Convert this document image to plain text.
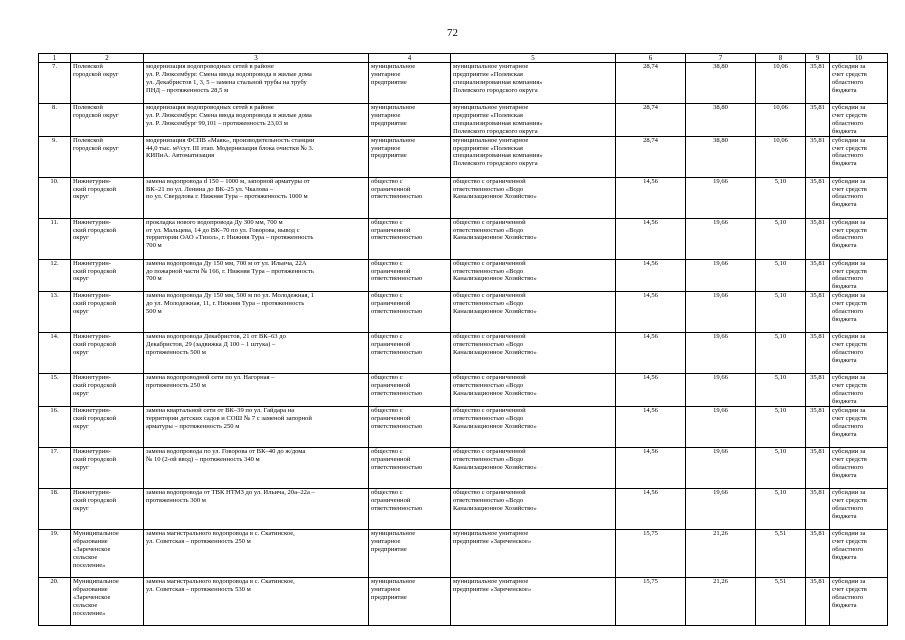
72
1	2	3	4	5	6	7	8	9	10
7.	Полевской
городской округ	модернизация водопроводных сетей в районе
ул. Р. Люксембург. Смена ввода водопровода в жилые дома
ул. Декабристов 1, 3, 5 – замена стальной трубы на трубу
ПНД – протяженность 28,5 м	муниципальное
унитарное
предприятие	муниципальное унитарное
предприятие «Полевская
специализированная компания»
Полевского городского округа	28,74	38,80	10,06	35,81	субсидии за
счет средств
областного
бюджета
8.	Полевской
городской округ	модернизация водопроводных сетей в районе
ул. Р. Люксембург. Смена ввода водопровода в жилые дома
ул. Р. Люксембург 99,101 – протяженность 23,03 м	муниципальное
унитарное
предприятие	муниципальное унитарное
предприятие «Полевская
специализированная компания»
Полевского городского округа	28,74	38,80	10,06	35,81	субсидии за
счет средств
областного
бюджета
9.	Полевской
городской округ	модернизация ФСПВ «Маяк», производительность станции
44,0 тыс. м³/сут. III этап. Модернизация блока очистки № 3.
КИПиА. Автоматизация	муниципальное
унитарное
предприятие	муниципальное унитарное
предприятие «Полевская
специализированная компания»
Полевского городского округа	28,74	38,80	10,06	35,81	субсидии за
счет средств
областного
бюджета
10.	Нижнетурин-
ский городской
округ	замена водопровода d 150 – 1000 м, запорной арматуры от
ВК–21 по ул. Ленина до ВК–25 ул. Чкалова –
по ул. Свердлова г. Нижняя Тура – протяженность 1000 м	общество с
ограниченной
ответственностью	общество с ограниченной
ответственностью «Водо
Канализационное Хозяйство»	14,56	19,66	5,10	35,81	субсидии за
счет средств
областного
бюджета
11.	Нижнетурин-
ский городской
округ	прокладка нового водопровода Ду 300 мм, 700 м
от ул. Мальцева, 14 до ВК–70 по ул. Говорова, вывод с
территории ОАО «Тизол», г. Нижняя Тура – протяженность
700 м	общество с
ограниченной
ответственностью	общество с ограниченной
ответственностью «Водо
Канализационное Хозяйство»	14,56	19,66	5,10	35,81	субсидии за
счет средств
областного
бюджета
12.	Нижнетурин-
ский городской
округ	замена водопровода Ду 150 мм, 700 м от ул. Ильича, 22А
до пожарной части № 166, г. Нижняя Тура – протяженность
700 м	общество с
ограниченной
ответственностью	общество с ограниченной
ответственностью «Водо
Канализационное Хозяйство»	14,56	19,66	5,10	35,81	субсидии за
счет средств
областного
бюджета
13.	Нижнетурин-
ский городской
округ	замена водопровода Ду 150 мм, 500 м по ул. Молодежная, 1
до ул. Молодежная, 11, г. Нижняя Тура – протяженность
500 м	общество с
ограниченной
ответственностью	общество с ограниченной
ответственностью «Водо
Канализационное Хозяйство»	14,56	19,66	5,10	35,81	субсидии за
счет средств
областного
бюджета
14.	Нижнетурин-
ский городской
округ	замена водопровода Декабристов, 21 от ВК–63 до
Декабристов, 29 (задвижка Д 100 – 1 штука) –
протяженность 500 м	общество с
ограниченной
ответственностью	общество с ограниченной
ответственностью «Водо
Канализационное Хозяйство»	14,56	19,66	5,10	35,81	субсидии за
счет средств
областного
бюджета
15.	Нижнетурин-
ский городской
округ	замена водопроводной сети по ул. Нагорная –
протяженность 250 м	общество с
ограниченной
ответственностью	общество с ограниченной
ответственностью «Водо
Канализационное Хозяйство»	14,56	19,66	5,10	35,81	субсидии за
счет средств
областного
бюджета
16.	Нижнетурин-
ский городской
округ	замена квартальной сети от ВК–39 по ул. Гайдара на
территории детских садов и СОШ № 7 с заменой запорной
арматуры – протяженность 250 м	общество с
ограниченной
ответственностью	общество с ограниченной
ответственностью «Водо
Канализационное Хозяйство»	14,56	19,66	5,10	35,81	субсидии за
счет средств
областного
бюджета
17.	Нижнетурин-
ский городской
округ	замена водопровода по ул. Говорова от ВК–40 до ж/дома
№ 10 (2-ой ввод) – протяженность 340 м	общество с
ограниченной
ответственностью	общество с ограниченной
ответственностью «Водо
Канализационное Хозяйство»	14,56	19,66	5,10	35,81	субсидии за
счет средств
областного
бюджета
18.	Нижнетурин-
ский городской
округ	замена водопровода от ТВК НТМЗ до ул. Ильича, 20а–22а –
протяженность 300 м	общество с
ограниченной
ответственностью	общество с ограниченной
ответственностью «Водо
Канализационное Хозяйство»	14,56	19,66	5,10	35,81	субсидии за
счет средств
областного
бюджета
19.	Муниципальное
образование
«Зареченское
сельское
поселение»	замена магистрального водопровода в с. Скатинское,
ул. Советская – протяженность 250 м	муниципальное
унитарное
предприятие	муниципальное унитарное
предприятие «Зареченское»	15,75	21,26	5,51	35,81	субсидии за
счет средств
областного
бюджета
20.	Муниципальное
образование
«Зареченское
сельское
поселение»	замена магистрального водопровода в с. Скатинское,
ул. Советская – протяженность 530 м	муниципальное
унитарное
предприятие	муниципальное унитарное
предприятие «Зареченское»	15,75	21,26	5,51	35,81	субсидии за
счет средств
областного
бюджета
